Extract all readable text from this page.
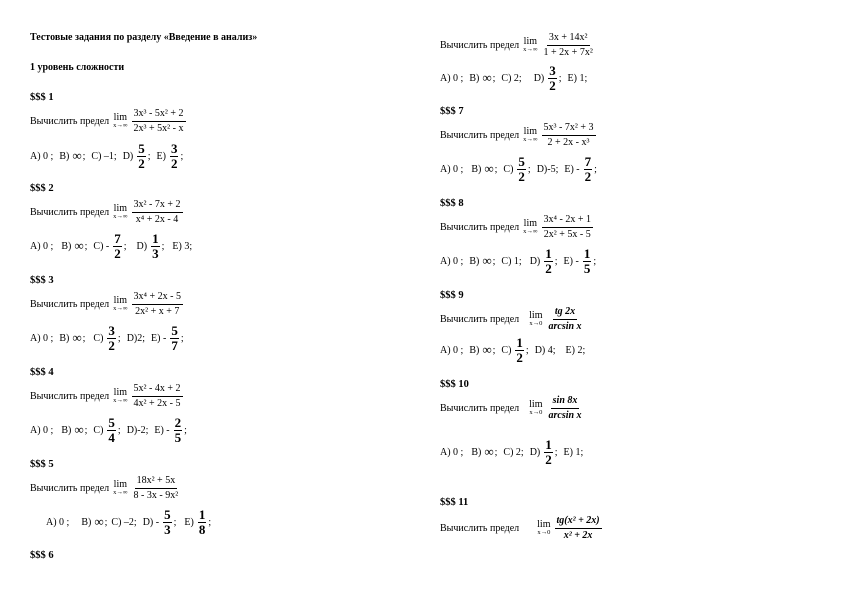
Тестовые задания по разделу «Введение в анализ»
1 уровень сложности
$$$ 1
Вычислить предел lim
$x\to\infty \frac{\text{3x³ - 5x² + 2}}{\text{2x³ + 5x² - x}}$
A) 0 ; B) ∞ ; C) –1; D)
5
2 ; E)
3
2 ;
$$$ 2
Вычислить предел lim
$x\to\infty \frac{\text{3x² - 7x + 2}}{\text{x⁴ + 2x - 4}}$
A) 0 ; B) ∞ ; C) -
7
2 ; D)
1
3 ; E) 3;
$$$ 3
Вычислить предел lim
$x\to\infty \frac{\text{3x⁴ + 2x - 5}}{\text{2x² + x + 7}}$
A) 0 ; B) ∞ ; C)
3
2 ; D)2; E) -
5
7 ;
$$$ 4
Вычислить предел lim
$x\to\infty \frac{\text{5x² - 4x + 2}}{\text{4x² + 2x - 5}}$
A) 0 ; B) ∞ ; C)
5
4 ; D)-2; E) -
2
5 ;
$$$ 5
Вычислить предел lim
$x\to\infty \frac{\text{18x² + 5x}}{\text{8 - 3x - 9x²}}$
A) 0 ; B) ∞ ; C) –2; D) -
5
3 ; E)
1
8 ;
$$$ 6
Вычислить предел lim
$x\to\infty \frac{\text{3x + 14x²}}{\text{1 + 2x + 7x²}}$
A) 0 ; B) ∞ ; C) 2; D)
3
2 ; E) 1;
$$$ 7
Вычислить предел lim
$x\to\infty \frac{\text{5x³ - 7x² + 3}}{\text{2 + 2x - x³}}$
A) 0 ; B) ∞ ; C)
5
2 ; D)-5; E) -
7
2 ;
$$$ 8
Вычислить предел lim
$x\to\infty \frac{\text{3x⁴ - 2x + 1}}{\text{2x² + 5x - 5}}$
A) 0 ; B) ∞ ; C) 1; D)
1
2 ; E) -
1
5 ;
$$$ 9
Вычислить предел lim
$x\to 0 \frac{tg 2x}{\text{arcsin x}}$
A) 0 ; B) ∞ ; C)
1
2 ; D) 4; E) 2;
$$$ 10
Вычислить предел lim
$x\to 0 \frac{\sin 8x}{\text{arcsin x}}$
A) 0 ; B) ∞ ; C) 2; D)
1
2 ; E) 1;
$$$ 11
Вычислить предел lim
$x\to 0 \frac{\text{tg(x² + 2x)}}{\text{x² + 2x}}$
